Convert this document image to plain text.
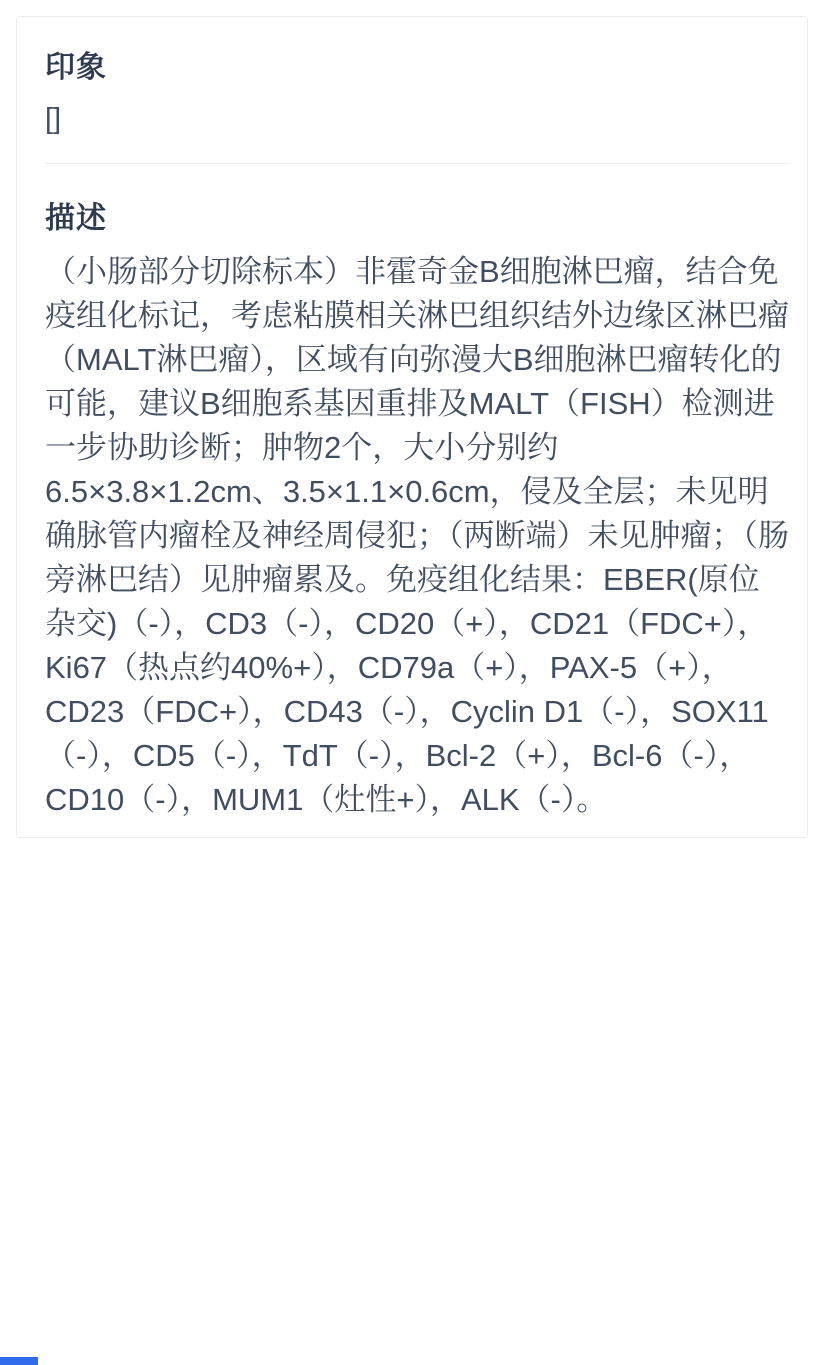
印象

[]

描述

（小肠部分切除标本）非霍奇金B细胞淋巴瘤，结合免疫组化标记，考虑粘膜相关淋巴组织结外边缘区淋巴瘤（MALT淋巴瘤），区域有向弥漫大B细胞淋巴瘤转化的可能，建议B细胞系基因重排及MALT（FISH）检测进一步协助诊断；肿物2个，大小分别约6.5×3.8×1.2cm、3.5×1.1×0.6cm，侵及全层；未见明确脉管内瘤栓及神经周侵犯；（两断端）未见肿瘤；（肠旁淋巴结）见肿瘤累及。免疫组化结果：EBER(原位杂交)（-），CD3（-），CD20（+），CD21（FDC+），Ki67（热点约40%+），CD79a（+），PAX-5（+），CD23（FDC+），CD43（-），Cyclin D1（-），SOX11（-），CD5（-），TdT（-），Bcl-2（+），Bcl-6（-），CD10（-），MUM1（灶性+），ALK（-）。
